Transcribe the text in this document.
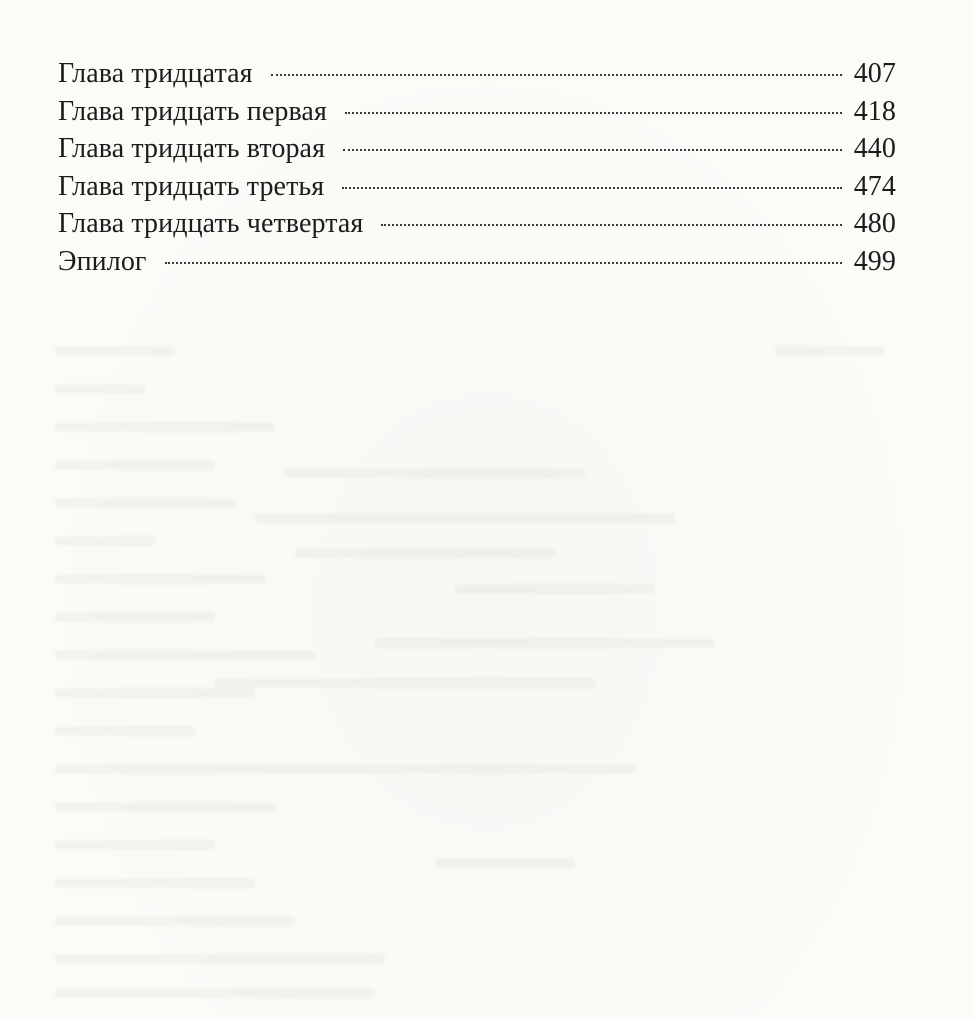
Глава тридцатая	407
Глава тридцать первая	418
Глава тридцать вторая	440
Глава тридцать третья	474
Глава тридцать четвертая	480
Эпилог	499
